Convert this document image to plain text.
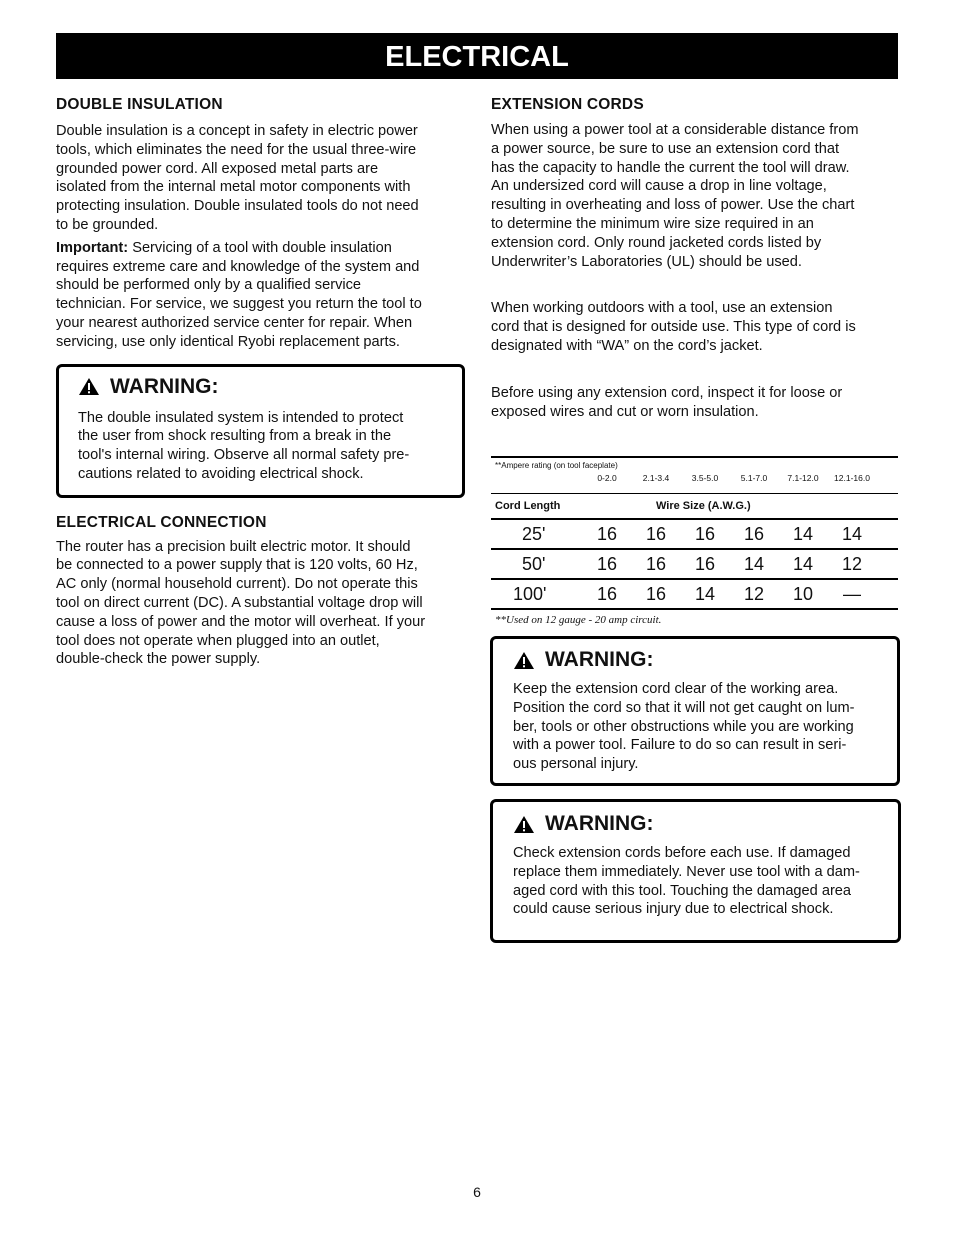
ELECTRICAL
DOUBLE INSULATION

Double insulation is a concept in safety in electric power

tools, which eliminates the need for the usual three-wire

grounded power cord. All exposed metal parts are

isolated from the internal metal motor components with

protecting insulation. Double insulated tools do not need

to be grounded.

Important: Servicing of a tool with double insulation

requires extreme care and knowledge of the system and

should be performed only by a qualified service

technician. For service, we suggest you return the tool to

your nearest authorized service center for repair. When

servicing, use only identical Ryobi replacement parts.

WARNING:

The double insulated system is intended to protect

the user from shock resulting from a break in the

tool's internal wiring. Observe all normal safety pre-

cautions related to avoiding electrical shock.

ELECTRICAL CONNECTION

The router has a precision built electric motor. It should

be connected to a power supply that is 120 volts, 60 Hz,

AC only (normal household current). Do not operate this

tool on direct current (DC). A substantial voltage drop will

cause a loss of power and the motor will overheat. If your

tool does not operate when plugged into an outlet,

double-check the power supply.

EXTENSION CORDS

When using a power tool at a considerable distance from

a power source, be sure to use an extension cord that

has the capacity to handle the current the tool will draw.

An undersized cord will cause a drop in line voltage,

resulting in overheating and loss of power. Use the chart

to determine the minimum wire size required in an

extension cord. Only round jacketed cords listed by

Underwriter’s Laboratories (UL) should be used.

When working outdoors with a tool, use an extension

cord that is designed for outside use. This type of cord is

designated with “WA” on the cord’s jacket.

Before using any extension cord, inspect it for loose or

exposed wires and cut or worn insulation.

**Ampere rating (on tool faceplate)
0-2.0	2.1-3.4	3.5-5.0	5.1-7.0 7.1-12.0 12.1-16.0
Cord Length	Wire Size (A.W.G.)
25'	16 16 16 16 14 14
50'	16 16 16 14 14 12
100'	16 16 14 12 10 —
**Used on 12 gauge - 20 amp circuit.
WARNING:

Keep the extension cord clear of the working area.

Position the cord so that it will not get caught on lum-

ber, tools or other obstructions while you are working

with a power tool. Failure to do so can result in seri-

ous personal injury.

WARNING:

Check extension cords before each use. If damaged

replace them immediately. Never use tool with a dam-

aged cord with this tool. Touching the damaged area

could cause serious injury due to electrical shock.

6
